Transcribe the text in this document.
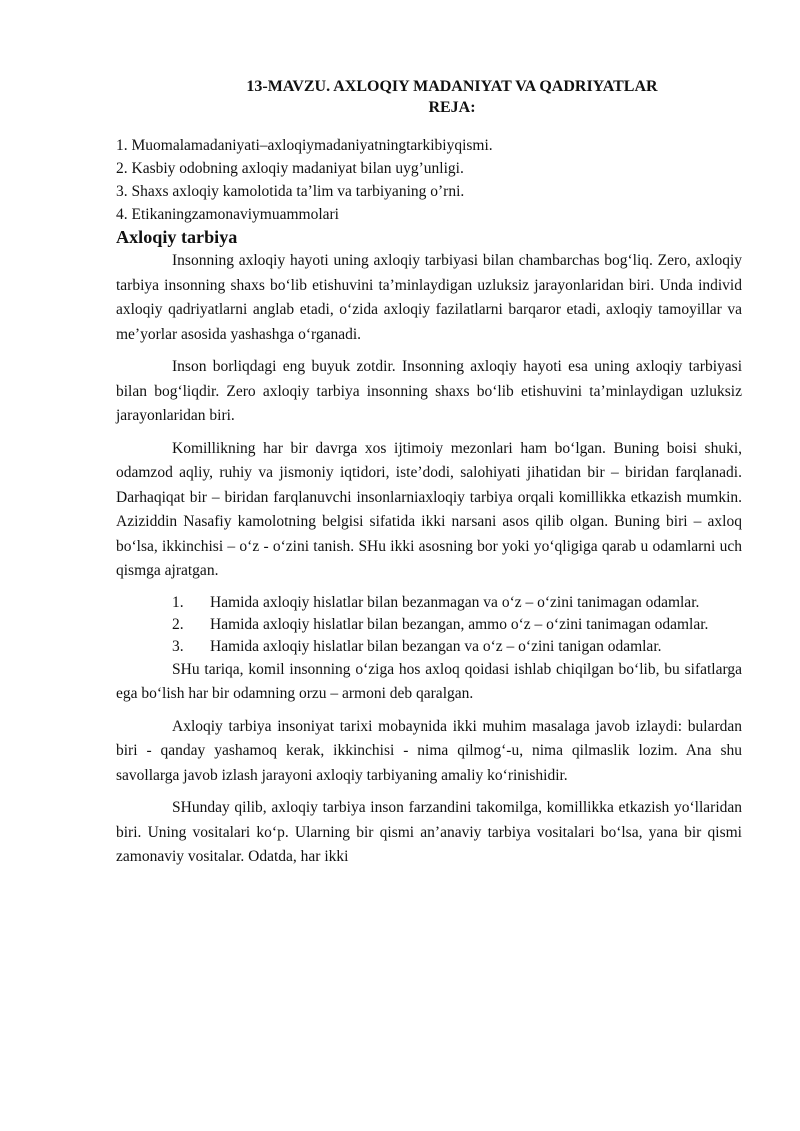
13-MAVZU. AXLOQIY MADANIYAT VA QADRIYATLAR
REJA:
1. Muomalamadaniyati–axloqiymadaniyatningtarkibiyqismi.
2. Kasbiy odobning axloqiy madaniyat bilan uyg’unligi.
3. Shaxs axloqiy kamolotida ta’lim va tarbiyaning o’rni.
4. Etikaningzamonaviymuammolari
Axloqiy tarbiya

Insonning axloqiy hayoti uning axloqiy tarbiyasi bilan chambarchas bog‘liq. Zero, axloqiy tarbiya insonning shaxs bo‘lib etishuvini ta’minlaydigan uzluksiz jarayonlaridan biri. Unda individ axloqiy qadriyatlarni anglab etadi, o‘zida axloqiy fazilatlarni barqaror etadi, axloqiy tamoyillar va me’yorlar asosida yashashga o‘rganadi.

Inson borliqdagi eng buyuk zotdir. Insonning axloqiy hayoti esa uning axloqiy tarbiyasi bilan bog‘liqdir. Zero axloqiy tarbiya insonning shaxs bo‘lib etishuvini ta’minlaydigan uzluksiz jarayonlaridan biri.

Komillikning har bir davrga xos ijtimoiy mezonlari ham bo‘lgan. Buning boisi shuki, odamzod aqliy, ruhiy va jismoniy iqtidori, iste’dodi, salohiyati jihatidan bir – biridan farqlanadi. Darhaqiqat bir – biridan farqlanuvchi insonlarniaxloqiy tarbiya orqali komillikka etkazish mumkin. Aziziddin Nasafiy kamolotning belgisi sifatida ikki narsani asos qilib olgan. Buning biri – axloq bo‘lsa, ikkinchisi – o‘z - o‘zini tanish. SHu ikki asosning bor yoki yo‘qligiga qarab u odamlarni uch qismga ajratgan.

1. Hamida axloqiy hislatlar bilan bezanmagan va o‘z – o‘zini tanimagan odamlar.

2. Hamida axloqiy hislatlar bilan bezangan, ammo o‘z – o‘zini tanimagan odamlar.

3. Hamida axloqiy hislatlar bilan bezangan va o‘z – o‘zini tanigan odamlar.

SHu tariqa, komil insonning o‘ziga hos axloq qoidasi ishlab chiqilgan bo‘lib, bu sifatlarga ega bo‘lish har bir odamning orzu – armoni deb qaralgan.

Axloqiy tarbiya insoniyat tarixi mobaynida ikki muhim masalaga javob izlaydi: bulardan biri - qanday yashamoq kerak, ikkinchisi - nima qilmog‘-u, nima qilmaslik lozim. Ana shu savollarga javob izlash jarayoni axloqiy tarbiyaning amaliy ko‘rinishidir.

SHunday qilib, axloqiy tarbiya inson farzandini takomilga, komillikka etkazish yo‘llaridan biri. Uning vositalari ko‘p. Ularning bir qismi an’anaviy tarbiya vositalari bo‘lsa, yana bir qismi zamonaviy vositalar. Odatda, har ikki
